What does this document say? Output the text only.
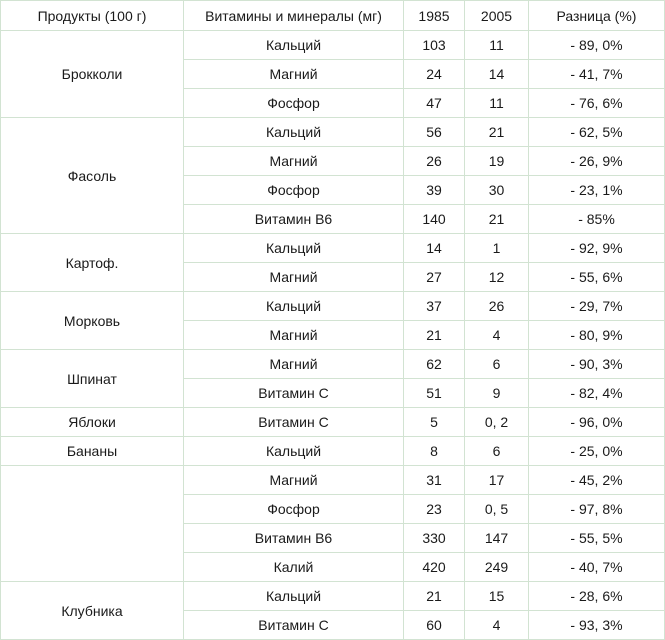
Продукты (100 г)	Витамины и минералы (мг)	1985	2005	Разница (%)
Брокколи	Кальций	103	11	- 89, 0%
	Магний	24	14	- 41, 7%
	Фосфор	47	11	- 76, 6%
Фасоль	Кальций	56	21	- 62, 5%
	Магний	26	19	- 26, 9%
	Фосфор	39	30	- 23, 1%
	Витамин В6	140	21	- 85%
Картоф.	Кальций	14	1	- 92, 9%
	Магний	27	12	- 55, 6%
Морковь	Кальций	37	26	- 29, 7%
	Магний	21	4	- 80, 9%
Шпинат	Магний	62	6	- 90, 3%
	Витамин С	51	9	- 82, 4%
Яблоки	Витамин С	5	0, 2	- 96, 0%
Бананы	Кальций	8	6	- 25, 0%
	Магний	31	17	- 45, 2%
	Фосфор	23	0, 5	- 97, 8%
	Витамин В6	330	147	- 55, 5%
	Калий	420	249	- 40, 7%
Клубника	Кальций	21	15	- 28, 6%
	Витамин С	60	4	- 93, 3%
